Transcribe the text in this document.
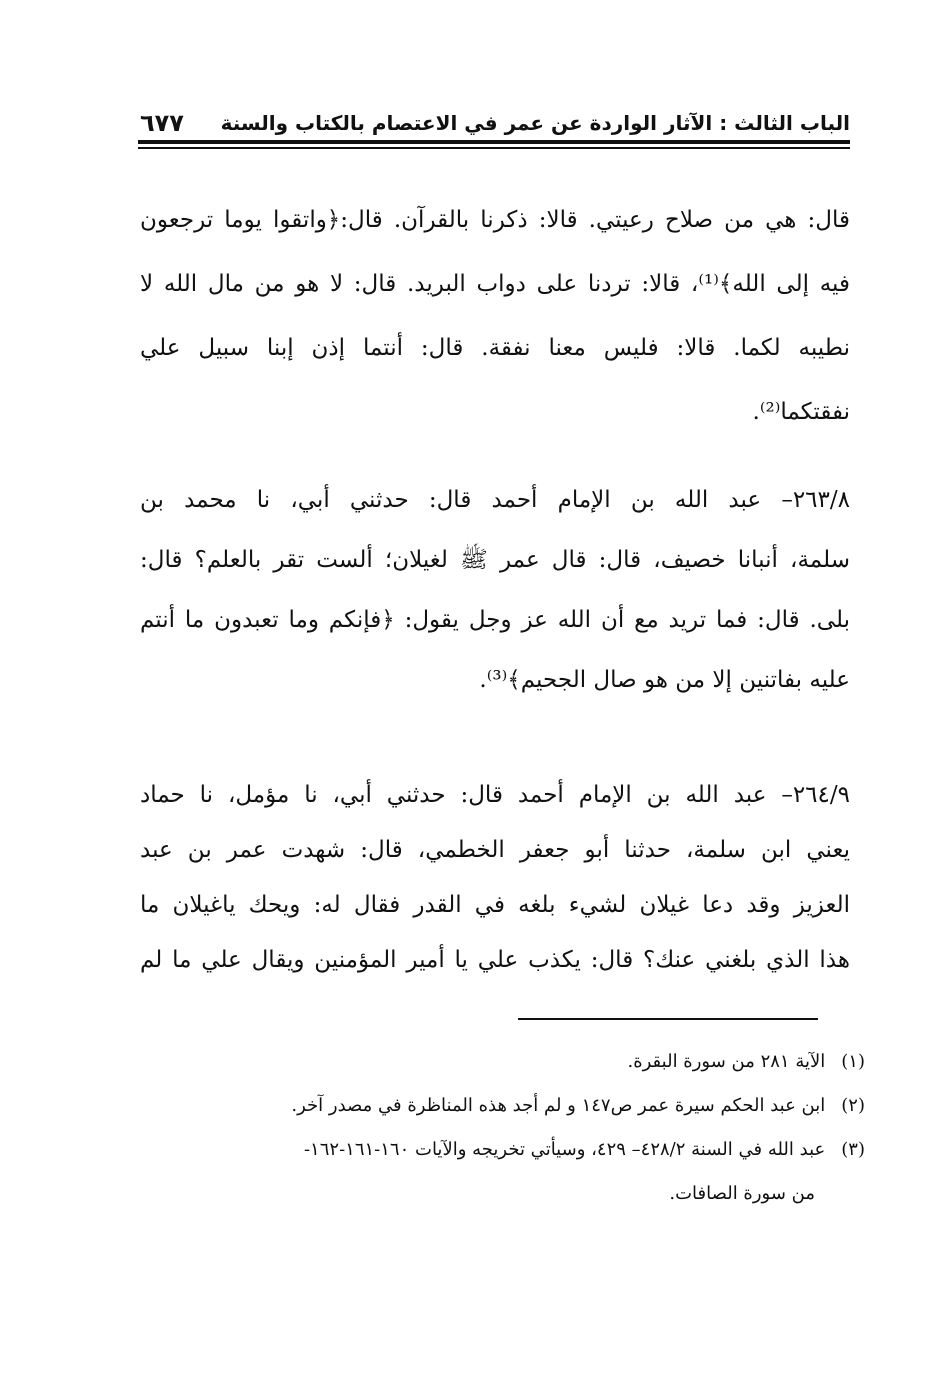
الباب الثالث : الآثار الواردة عن عمر في الاعتصام بالكتاب والسنة
٦٧٧
قال: هي من صلاح رعيتي. قالا: ذكرنا بالقرآن. قال:﴿واتقوا يوما ترجعون
فيه إلى الله﴾⁽¹⁾، قالا: تردنا على دواب البريد. قال: لا هو من مال الله لا
نطيبه لكما. قالا: فليس معنا نفقة. قال: أنتما إذن إبنا سبيل علي
نفقتكما⁽²⁾.
٢٦٣/٨– عبد الله بن الإمام أحمد قال: حدثني أبي، نا محمد بن
سلمة، أنبانا خصيف، قال: قال عمر ﷺ لغيلان؛ ألست تقر بالعلم؟ قال:
بلى. قال: فما تريد مع أن الله عز وجل يقول: ﴿فإنكم وما تعبدون ما أنتم
عليه بفاتنين إلا من هو صال الجحيم﴾⁽³⁾.
٢٦٤/٩– عبد الله بن الإمام أحمد قال: حدثني أبي، نا مؤمل، نا حماد
يعني ابن سلمة، حدثنا أبو جعفر الخطمي، قال: شهدت عمر بن عبد
العزيز وقد دعا غيلان لشيء بلغه في القدر فقال له: ويحك ياغيلان ما
هذا الذي بلغني عنك؟ قال: يكذب علي يا أمير المؤمنين ويقال علي ما لم
(١) الآية ٢٨١ من سورة البقرة.
(٢) ابن عبد الحكم سيرة عمر ص١٤٧ و لم أجد هذه المناظرة في مصدر آخر.
(٣) عبد الله في السنة ٤٢٨/٢– ٤٢٩، وسيأتي تخريجه والآيات ١٦٠-١٦١-١٦٢-
من سورة الصافات.
